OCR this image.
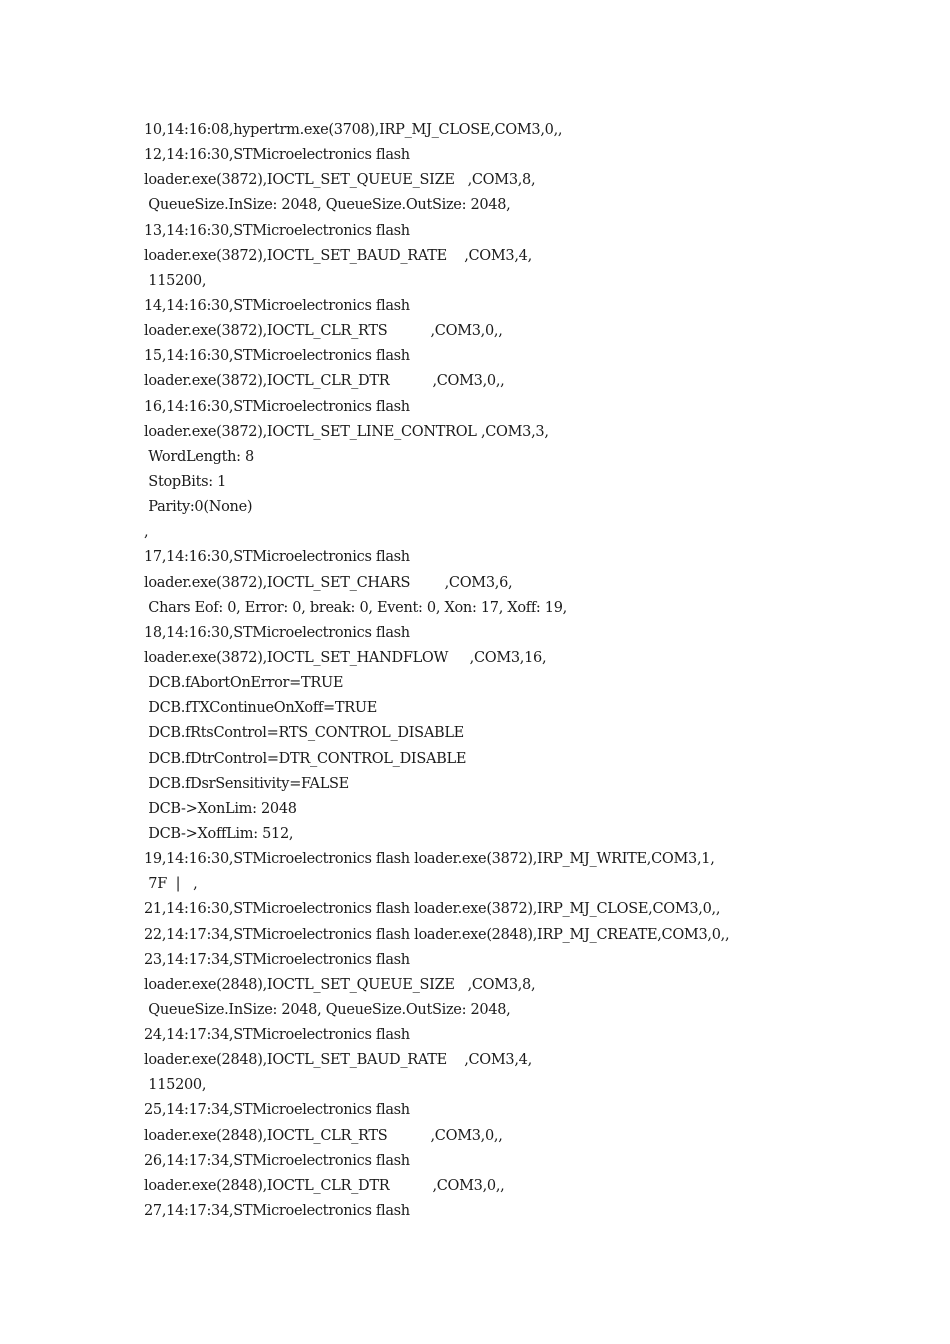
10,14:16:08,hypertrm.exe(3708),IRP_MJ_CLOSE,COM3,0,,
12,14:16:30,STMicroelectronics flash
loader.exe(3872),IOCTL_SET_QUEUE_SIZE   ,COM3,8,
QueueSize.InSize: 2048, QueueSize.OutSize: 2048,
13,14:16:30,STMicroelectronics flash
loader.exe(3872),IOCTL_SET_BAUD_RATE    ,COM3,4,
115200,
14,14:16:30,STMicroelectronics flash
loader.exe(3872),IOCTL_CLR_RTS          ,COM3,0,,
15,14:16:30,STMicroelectronics flash
loader.exe(3872),IOCTL_CLR_DTR          ,COM3,0,,
16,14:16:30,STMicroelectronics flash
loader.exe(3872),IOCTL_SET_LINE_CONTROL ,COM3,3,
WordLength: 8
StopBits: 1
Parity:0(None)
,
17,14:16:30,STMicroelectronics flash
loader.exe(3872),IOCTL_SET_CHARS        ,COM3,6,
Chars Eof: 0, Error: 0, break: 0, Event: 0, Xon: 17, Xoff: 19,
18,14:16:30,STMicroelectronics flash
loader.exe(3872),IOCTL_SET_HANDFLOW     ,COM3,16,
DCB.fAbortOnError=TRUE
DCB.fTXContinueOnXoff=TRUE
DCB.fRtsControl=RTS_CONTROL_DISABLE
DCB.fDtrControl=DTR_CONTROL_DISABLE
DCB.fDsrSensitivity=FALSE
DCB->XonLim: 2048
DCB->XoffLim: 512,
19,14:16:30,STMicroelectronics flash loader.exe(3872),IRP_MJ_WRITE,COM3,1,
7F  |   ,
21,14:16:30,STMicroelectronics flash loader.exe(3872),IRP_MJ_CLOSE,COM3,0,,
22,14:17:34,STMicroelectronics flash loader.exe(2848),IRP_MJ_CREATE,COM3,0,,
23,14:17:34,STMicroelectronics flash
loader.exe(2848),IOCTL_SET_QUEUE_SIZE   ,COM3,8,
QueueSize.InSize: 2048, QueueSize.OutSize: 2048,
24,14:17:34,STMicroelectronics flash
loader.exe(2848),IOCTL_SET_BAUD_RATE    ,COM3,4,
115200,
25,14:17:34,STMicroelectronics flash
loader.exe(2848),IOCTL_CLR_RTS          ,COM3,0,,
26,14:17:34,STMicroelectronics flash
loader.exe(2848),IOCTL_CLR_DTR          ,COM3,0,,
27,14:17:34,STMicroelectronics flash
